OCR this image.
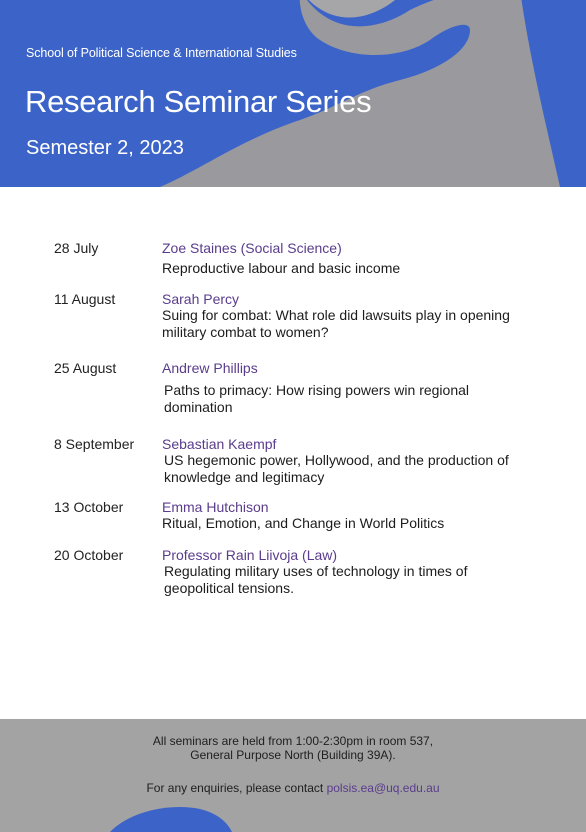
School of Political Science & International Studies
Research Seminar Series
Semester 2, 2023
28 July	Zoe Staines (Social Science)
Reproductive labour and basic income
11 August	Sarah Percy
Suing for combat: What role did lawsuits play in opening
military combat to women?
25 August	Andrew Phillips
Paths to primacy: How rising powers win regional
domination
8 September Sebastian Kaempf
US hegemonic power, Hollywood, and the production of
knowledge and legitimacy
13 October	Emma Hutchison
Ritual, Emotion, and Change in World Politics
20 October	Professor Rain Liivoja (Law)
Regulating military uses of technology in times of
geopolitical tensions.
All seminars are held from 1:00-2:30pm in room 537,
General Purpose North (Building 39A).
For any enquiries, please contact polsis.ea@uq.edu.au
